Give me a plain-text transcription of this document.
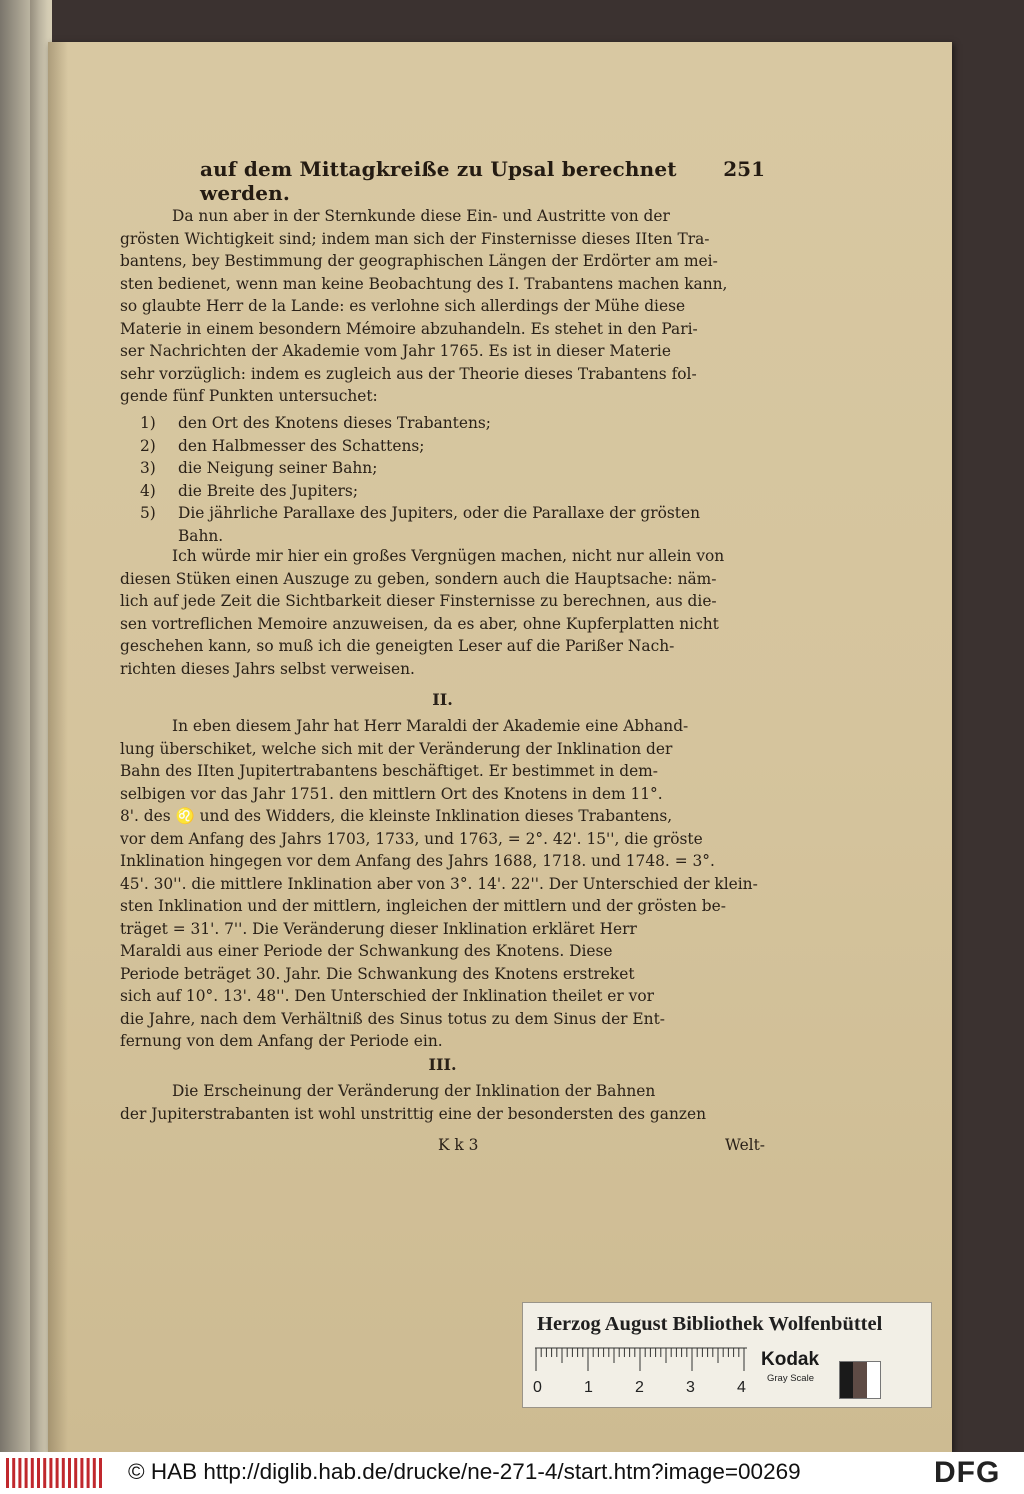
auf dem Mittagkreiße zu Upsal berechnet werden.
251
Da nun aber in der Sternkunde diese Ein- und Austritte von der
grösten Wichtigkeit sind; indem man sich der Finsternisse dieses IIten Tra-
bantens, bey Bestimmung der geographischen Längen der Erdörter am mei-
sten bedienet, wenn man keine Beobachtung des I. Trabantens machen kann,
so glaubte Herr de la Lande: es verlohne sich allerdings der Mühe diese
Materie in einem besondern Mémoire abzuhandeln. Es stehet in den Pari-
ser Nachrichten der Akademie vom Jahr 1765. Es ist in dieser Materie
sehr vorzüglich: indem es zugleich aus der Theorie dieses Trabantens fol-
gende fünf Punkten untersuchet:
1)	den Ort des Knotens dieses Trabantens;
2)	den Halbmesser des Schattens;
3)	die Neigung seiner Bahn;
4)	die Breite des Jupiters;
5)	Die jährliche Parallaxe des Jupiters, oder die Parallaxe der grösten
Bahn.
Ich würde mir hier ein großes Vergnügen machen, nicht nur allein von
diesen Stüken einen Auszuge zu geben, sondern auch die Hauptsache: näm-
lich auf jede Zeit die Sichtbarkeit dieser Finsternisse zu berechnen, aus die-
sen vortreflichen Memoire anzuweisen, da es aber, ohne Kupferplatten nicht
geschehen kann, so muß ich die geneigten Leser auf die Parißer Nach-
richten dieses Jahrs selbst verweisen.
II.
In eben diesem Jahr hat Herr Maraldi der Akademie eine Abhand-
lung überschiket, welche sich mit der Veränderung der Inklination der
Bahn des IIten Jupitertrabantens beschäftiget. Er bestimmet in dem-
selbigen vor das Jahr 1751. den mittlern Ort des Knotens in dem 11°.
8'. des ♌ und des Widders, die kleinste Inklination dieses Trabantens,
vor dem Anfang des Jahrs 1703, 1733, und 1763, = 2°. 42'. 15'', die gröste
Inklination hingegen vor dem Anfang des Jahrs 1688, 1718. und 1748. = 3°.
45'. 30''. die mittlere Inklination aber von 3°. 14'. 22''. Der Unterschied der klein-
sten Inklination und der mittlern, ingleichen der mittlern und der grösten be-
träget = 31'. 7''. Die Veränderung dieser Inklination erkläret Herr
Maraldi aus einer Periode der Schwankung des Knotens. Diese
Periode beträget 30. Jahr. Die Schwankung des Knotens erstreket
sich auf 10°. 13'. 48''. Den Unterschied der Inklination theilet er vor
die Jahre, nach dem Verhältniß des Sinus totus zu dem Sinus der Ent-
fernung von dem Anfang der Periode ein.
III.
Die Erscheinung der Veränderung der Inklination der Bahnen
der Jupiterstrabanten ist wohl unstrittig eine der besondersten des ganzen
K k 3	Welt-
Herzog August Bibliothek Wolfenbüttel
0	1	2	3	4
Kodak
Gray Scale
© HAB http://diglib.hab.de/drucke/ne-271-4/start.htm?image=00269	DFG
